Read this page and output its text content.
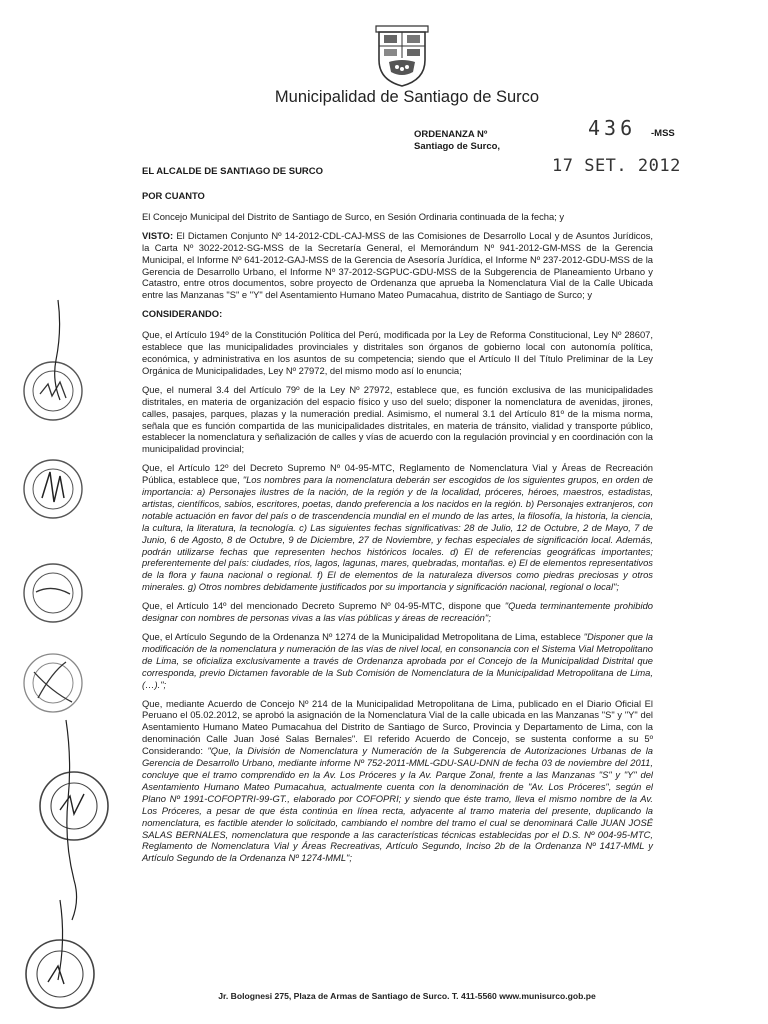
Municipalidad de Santiago de Surco
ORDENANZA Nº
Santiago de Surco,
436 -MSS
17 SET. 2012
EL ALCALDE DE SANTIAGO DE SURCO

POR CUANTO

El Concejo Municipal del Distrito de Santiago de Surco, en Sesión Ordinaria continuada de la fecha; y

VISTO: El Dictamen Conjunto Nº 14-2012-CDL-CAJ-MSS de las Comisiones de Desarrollo Local y de Asuntos Jurídicos, la Carta Nº 3022-2012-SG-MSS de la Secretaría General, el Memorándum Nº 941-2012-GM-MSS de la Gerencia Municipal, el Informe Nº 641-2012-GAJ-MSS de la Gerencia de Asesoría Jurídica, el Informe Nº 237-2012-GDU-MSS de la Gerencia de Desarrollo Urbano, el Informe Nº 37-2012-SGPUC-GDU-MSS de la Subgerencia de Planeamiento Urbano y Catastro, entre otros documentos, sobre proyecto de Ordenanza que aprueba la Nomenclatura Vial de la Calle Ubicada entre las Manzanas "S" e "Y" del Asentamiento Humano Mateo Pumacahua, distrito de Santiago de Surco; y

CONSIDERANDO:

Que, el Artículo 194º de la Constitución Política del Perú, modificada por la Ley de Reforma Constitucional, Ley Nº 28607, establece que las municipalidades provinciales y distritales son órganos de gobierno local con autonomía política, económica, y administrativa en los asuntos de su competencia; siendo que el Artículo II del Título Preliminar de la Ley Orgánica de Municipalidades, Ley Nº 27972, del mismo modo así lo enuncia;

Que, el numeral 3.4 del Artículo 79º de la Ley Nº 27972, establece que, es función exclusiva de las municipalidades distritales, en materia de organización del espacio físico y uso del suelo; disponer la nomenclatura de avenidas, jirones, calles, pasajes, parques, plazas y la numeración predial. Asimismo, el numeral 3.1 del Artículo 81º de la misma norma, señala que es función compartida de las municipalidades distritales, en materia de tránsito, vialidad y transporte público, establecer la nomenclatura y señalización de calles y vías de acuerdo con la regulación provincial y en coordinación con la municipalidad provincial;

Que, el Artículo 12º del Decreto Supremo Nº 04-95-MTC, Reglamento de Nomenclatura Vial y Áreas de Recreación Pública, establece que, "Los nombres para la nomenclatura deberán ser escogidos de los siguientes grupos, en orden de importancia: a) Personajes ilustres de la nación, de la región y de la localidad, próceres, héroes, maestros, estadistas, artistas, científicos, sabios, escritores, poetas, dando preferencia a los nacidos en la región. b) Personajes extranjeros, con notable actuación en favor del país o de trascendencia mundial en el mundo de las artes, la filosofía, la historia, la ciencia, la cultura, la literatura, la tecnología. c) Las siguientes fechas significativas: 28 de Julio, 12 de Octubre, 2 de Mayo, 7 de Junio, 6 de Agosto, 8 de Octubre, 9 de Diciembre, 27 de Noviembre, y fechas especiales de significación local. Además, podrán utilizarse fechas que representen hechos históricos locales. d) El de referencias geográficas importantes; preferentemente del país: ciudades, ríos, lagos, lagunas, mares, quebradas, montañas. e) El de elementos representativos de la flora y fauna nacional o regional. f) El de elementos de la naturaleza diversos como piedras preciosas y otros minerales. g) Otros nombres debidamente justificados por su importancia y significación nacional, regional o local";

Que, el Artículo 14º del mencionado Decreto Supremo Nº 04-95-MTC, dispone que "Queda terminantemente prohibido designar con nombres de personas vivas a las vías públicas y áreas de recreación";

Que, el Artículo Segundo de la Ordenanza Nº 1274 de la Municipalidad Metropolitana de Lima, establece "Disponer que la modificación de la nomenclatura y numeración de las vías de nivel local, en consonancia con el Sistema Vial Metropolitano de Lima, se oficializa exclusivamente a través de Ordenanza aprobada por el Concejo de la Municipalidad Distrital que corresponda, previo Dictamen favorable de la Sub Comisión de Nomenclatura de la Municipalidad Metropolitana de Lima, (…).";

Que, mediante Acuerdo de Concejo Nº 214 de la Municipalidad Metropolitana de Lima, publicado en el Diario Oficial El Peruano el 05.02.2012, se aprobó la asignación de la Nomenclatura Vial de la calle ubicada en las Manzanas "S" y "Y" del Asentamiento Humano Mateo Pumacahua del Distrito de Santiago de Surco, Provincia y Departamento de Lima, con la denominación Calle Juan José Salas Bernales". El referido Acuerdo de Concejo, se sustenta conforme a su 5º Considerando: "Que, la División de Nomenclatura y Numeración de la Subgerencia de Autorizaciones Urbanas de la Gerencia de Desarrollo Urbano, mediante informe Nº 752-2011-MML-GDU-SAU-DNN de fecha 03 de noviembre del 2011, concluye que el tramo comprendido en la Av. Los Próceres y la Av. Parque Zonal, frente a las Manzanas "S" y "Y" del Asentamiento Humano Mateo Pumacahua, actualmente cuenta con la denominación de "Av. Los Próceres", según el Plano Nº 1991-COFOPTRI-99-GT., elaborado por COFOPRI; y siendo que éste tramo, lleva el mismo nombre de la Av. Los Próceres, a pesar de que ésta continúa en línea recta, adyacente al tramo materia del presente, duplicando la nomenclatura, es factible atender lo solicitado, cambiando el nombre del tramo el cual se denominará Calle JUAN JOSÉ SALAS BERNALES, nomenclatura que responde a las características técnicas establecidas por el D.S. Nº 004-95-MTC, Reglamento de Nomenclatura Vial y Áreas Recreativas, Artículo Segundo, Inciso 2b de la Ordenanza Nº 1417-MML y Artículo Segundo de la Ordenanza Nº 1274-MML";

Jr. Bolognesi 275, Plaza de Armas de Santiago de Surco. T. 411-5560 www.munisurco.gob.pe
